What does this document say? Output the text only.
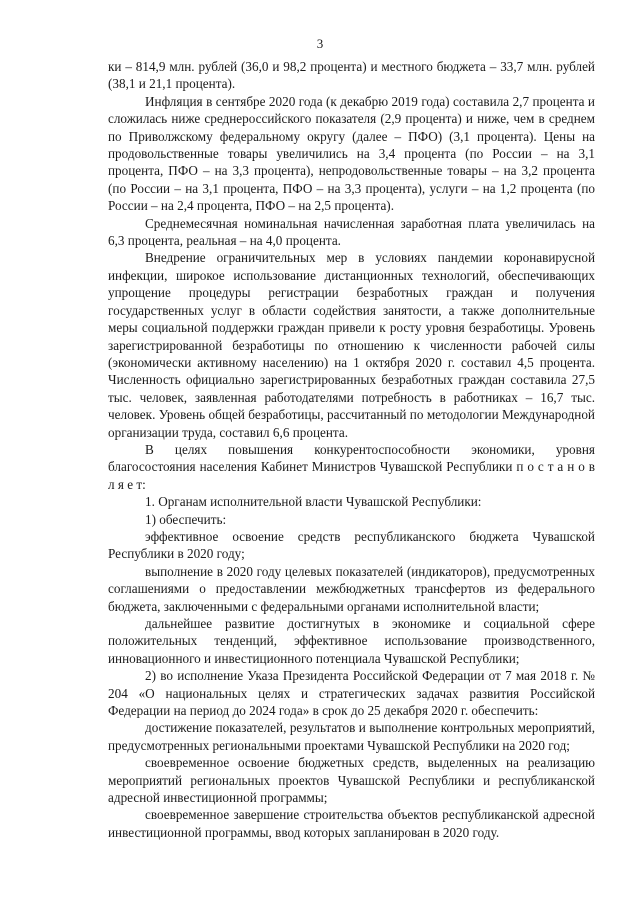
3

ки – 814,9 млн. рублей (36,0 и 98,2 процента) и местного бюджета – 33,7 млн. рублей (38,1 и 21,1 процента).

Инфляция в сентябре 2020 года (к декабрю 2019 года) составила 2,7 процента и сложилась ниже среднероссийского показателя (2,9 процента) и ниже, чем в среднем по Приволжскому федеральному округу (далее – ПФО) (3,1 процента). Цены на продовольственные товары увеличились на 3,4 процента (по России – на 3,1 процента, ПФО – на 3,3 процента), непродовольственные товары – на 3,2 процента (по России – на 3,1 процента, ПФО – на 3,3 процента), услуги – на 1,2 процента (по России – на 2,4 процента, ПФО – на 2,5 процента).

Среднемесячная номинальная начисленная заработная плата увеличилась на 6,3 процента, реальная – на 4,0 процента.

Внедрение ограничительных мер в условиях пандемии коронавирусной инфекции, широкое использование дистанционных технологий, обеспечивающих упрощение процедуры регистрации безработных граждан и получения государственных услуг в области содействия занятости, а также дополнительные меры социальной поддержки граждан привели к росту уровня безработицы. Уровень зарегистрированной безработицы по отношению к численности рабочей силы (экономически активному населению) на 1 октября 2020 г. составил 4,5 процента. Численность официально зарегистрированных безработных граждан составила 27,5 тыс. человек, заявленная работодателями потребность в работниках – 16,7 тыс. человек. Уровень общей безработицы, рассчитанный по методологии Международной организации труда, составил 6,6 процента.

В целях повышения конкурентоспособности экономики, уровня благосостояния населения Кабинет Министров Чувашской Республики п о с т а н о в л я е т:

1. Органам исполнительной власти Чувашской Республики:

1) обеспечить:

эффективное освоение средств республиканского бюджета Чувашской Республики в 2020 году;

выполнение в 2020 году целевых показателей (индикаторов), предусмотренных соглашениями о предоставлении межбюджетных трансфертов из федерального бюджета, заключенными с федеральными органами исполнительной власти;

дальнейшее развитие достигнутых в экономике и социальной сфере положительных тенденций, эффективное использование производственного, инновационного и инвестиционного потенциала Чувашской Республики;

2) во исполнение Указа Президента Российской Федерации от 7 мая 2018 г. № 204 «О национальных целях и стратегических задачах развития Российской Федерации на период до 2024 года» в срок до 25 декабря 2020 г. обеспечить:

достижение показателей, результатов и выполнение контрольных мероприятий, предусмотренных региональными проектами Чувашской Республики на 2020 год;

своевременное освоение бюджетных средств, выделенных на реализацию мероприятий региональных проектов Чувашской Республики и республиканской адресной инвестиционной программы;

своевременное завершение строительства объектов республиканской адресной инвестиционной программы, ввод которых запланирован в 2020 году.
